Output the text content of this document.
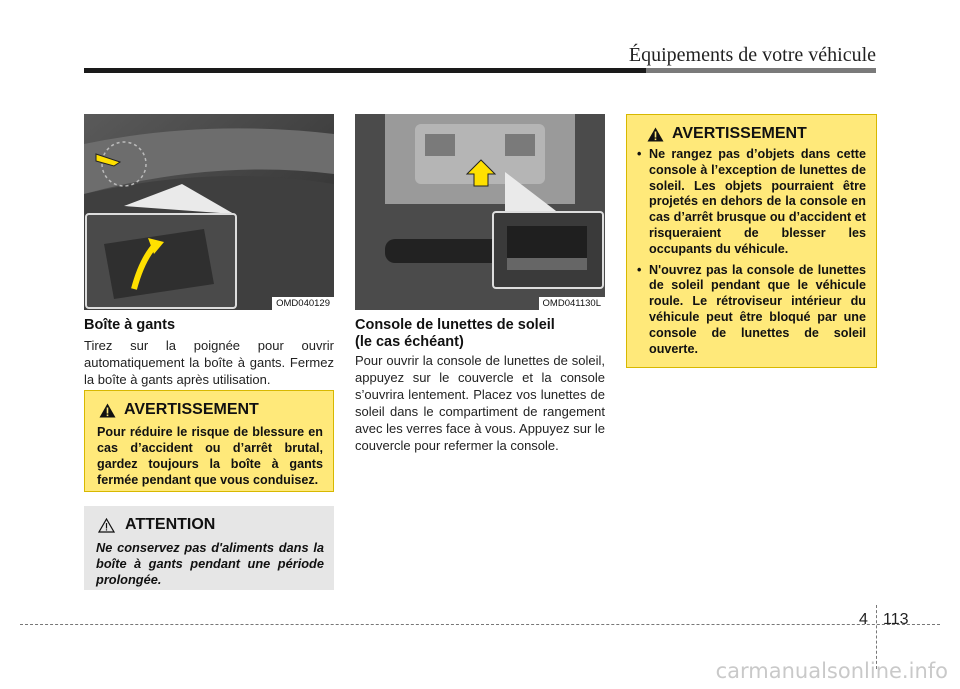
Équipements de votre véhicule
OMD040129	OMD041130L
Boîte à gants
Tirez sur la poignée pour ouvrir automatiquement la boîte à gants. Fermez la boîte à gants après utilisation.
AVERTISSEMENT
Pour réduire le risque de blessure en cas d’accident ou d’arrêt brutal, gardez toujours la boîte à gants fermée pendant que vous conduisez.
ATTENTION
Ne conservez pas d'aliments dans la boîte à gants pendant une période prolongée.
Console de lunettes de soleil
(le cas échéant)
Pour ouvrir la console de lunettes de soleil, appuyez sur le couvercle et la console s’ouvrira lentement. Placez vos lunettes de soleil dans le compartiment de rangement avec les verres face à vous. Appuyez sur le couvercle pour refermer la console.
AVERTISSEMENT
• Ne rangez pas d’objets dans cette console à l’exception de lunettes de soleil. Les objets pourraient être projetés en dehors de la console en cas d’arrêt brusque ou d’accident et risqueraient de blesser les occupants du véhicule.
• N'ouvrez pas la console de lunettes de soleil pendant que le véhicule roule. Le rétroviseur intérieur du véhicule peut être bloqué par une console de lunettes de soleil ouverte.
4 113
carmanualsonline.info
